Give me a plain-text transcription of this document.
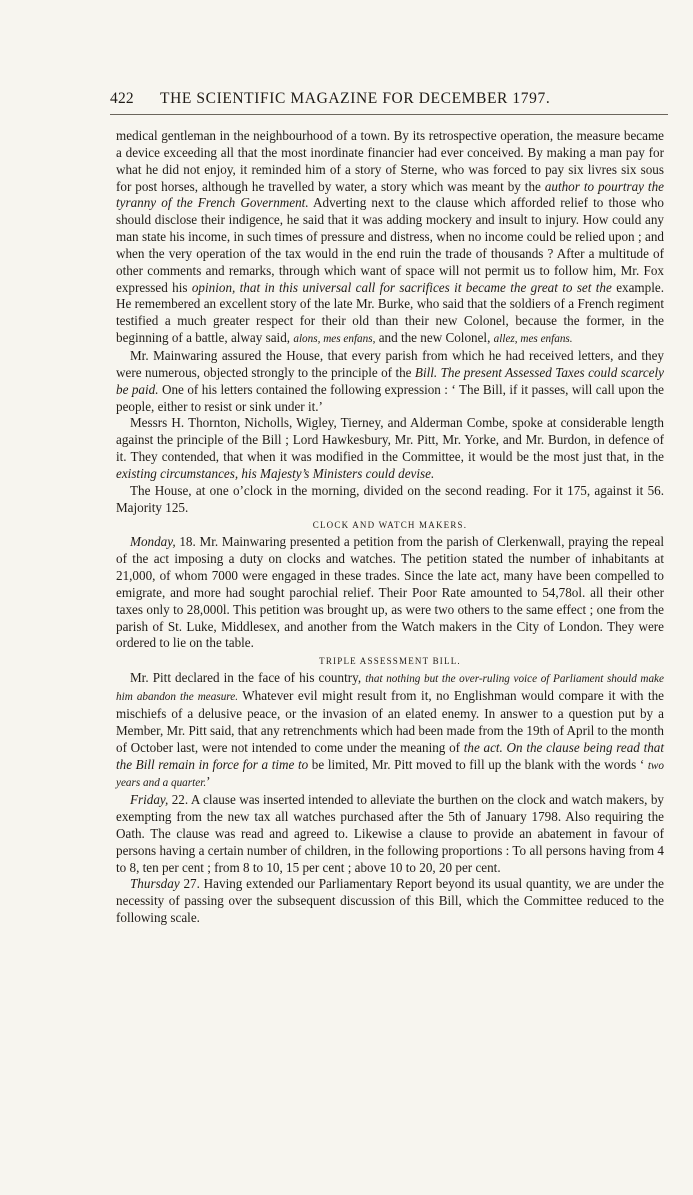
422	THE SCIENTIFIC MAGAZINE FOR DECEMBER 1797.

medical gentleman in the neighbourhood of a town. By its retrospective operation, the measure became a device exceeding all that the most inordinate financier had ever conceived. By making a man pay for what he did not enjoy, it reminded him of a story of Sterne, who was forced to pay six livres six sous for post horses, although he travelled by water, a story which was meant by the author to pourtray the tyranny of the French Government. Adverting next to the clause which afforded relief to those who should disclose their indigence, he said that it was adding mockery and insult to injury. How could any man state his income, in such times of pressure and distress, when no income could be relied upon ; and when the very operation of the tax would in the end ruin the trade of thousands ? After a multitude of other comments and remarks, through which want of space will not permit us to follow him, Mr. Fox expressed his opinion, that in this universal call for sacrifices it became the great to set the example. He remembered an excellent story of the late Mr. Burke, who said that the soldiers of a French regiment testified a much greater respect for their old than their new Colonel, because the former, in the beginning of a battle, alway said, alons, mes enfans, and the new Colonel, allez, mes enfans.

Mr. Mainwaring assured the House, that every parish from which he had received letters, and they were numerous, objected strongly to the principle of the Bill. The present Assessed Taxes could scarcely be paid. One of his letters contained the following expression : ‘ The Bill, if it passes, will call upon the people, either to resist or sink under it.’

Messrs H. Thornton, Nicholls, Wigley, Tierney, and Alderman Combe, spoke at considerable length against the principle of the Bill ; Lord Hawkesbury, Mr. Pitt, Mr. Yorke, and Mr. Burdon, in defence of it. They contended, that when it was modified in the Committee, it would be the most just that, in the existing circumstances, his Majesty’s Ministers could devise.

The House, at one o’clock in the morning, divided on the second reading. For it 175, against it 56. Majority 125.

CLOCK AND WATCH MAKERS.

Monday, 18. Mr. Mainwaring presented a petition from the parish of Clerkenwall, praying the repeal of the act imposing a duty on clocks and watches. The petition stated the number of inhabitants at 21,000, of whom 7000 were engaged in these trades. Since the late act, many have been compelled to emigrate, and more had sought parochial relief. Their Poor Rate amounted to 54,78ol. all their other taxes only to 28,000l. This petition was brought up, as were two others to the same effect ; one from the parish of St. Luke, Middlesex, and another from the Watch makers in the City of London. They were ordered to lie on the table.

TRIPLE ASSESSMENT BILL.

Mr. Pitt declared in the face of his country, that nothing but the over-ruling voice of Parliament should make him abandon the measure. Whatever evil might result from it, no Englishman would compare it with the mischiefs of a delusive peace, or the invasion of an elated enemy. In answer to a question put by a Member, Mr. Pitt said, that any retrenchments which had been made from the 19th of April to the month of October last, were not intended to come under the meaning of the act. On the clause being read that the Bill remain in force for a time to be limited, Mr. Pitt moved to fill up the blank with the words ‘ two years and a quarter.’

Friday, 22. A clause was inserted intended to alleviate the burthen on the clock and watch makers, by exempting from the new tax all watches purchased after the 5th of January 1798. Also requiring the Oath. The clause was read and agreed to. Likewise a clause to provide an abatement in favour of persons having a certain number of children, in the following proportions : To all persons having from 4 to 8, ten per cent ; from 8 to 10, 15 per cent ; above 10 to 20, 20 per cent.

Thursday 27. Having extended our Parliamentary Report beyond its usual quantity, we are under the necessity of passing over the subsequent discussion of this Bill, which the Committee reduced to the following scale.
